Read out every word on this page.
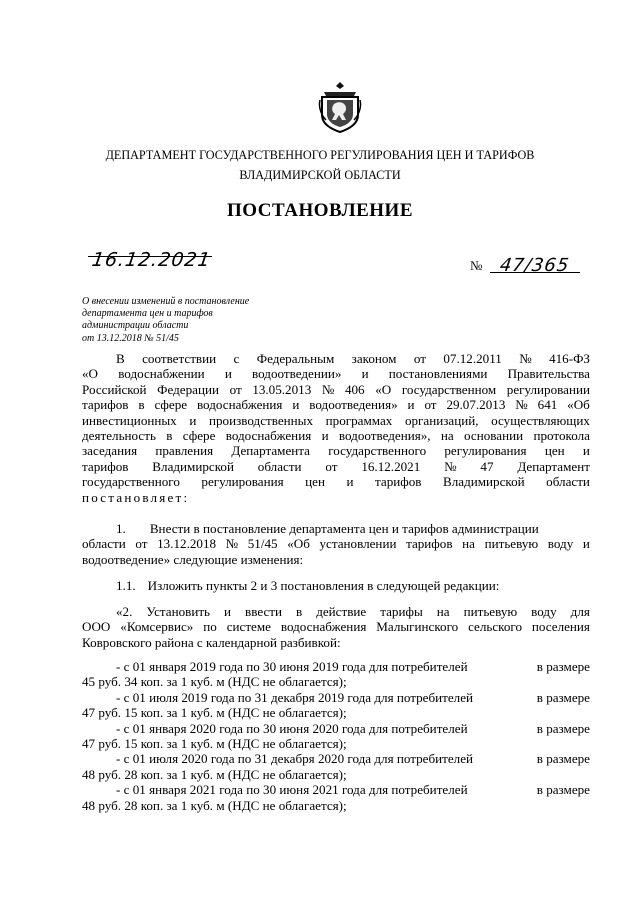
ДЕПАРТАМЕНТ ГОСУДАРСТВЕННОГО РЕГУЛИРОВАНИЯ ЦЕН И ТАРИФОВ
ВЛАДИМИРСКОЙ ОБЛАСТИ
ПОСТАНОВЛЕНИЕ
16.12.2021	№ 47/365
О внесении изменений в постановление
департамента цен и тарифов
администрации области
от 13.12.2018 № 51/45
В соответствии с Федеральным законом от 07.12.2011 № 416-ФЗ
«О водоснабжении и водоотведении» и постановлениями Правительства
Российской Федерации от 13.05.2013 № 406 «О государственном регулировании
тарифов в сфере водоснабжения и водоотведения» и от 29.07.2013 № 641 «Об
инвестиционных и производственных программах организаций, осуществляющих
деятельность в сфере водоснабжения и водоотведения», на основании протокола
заседания правления Департамента государственного регулирования цен и
тарифов Владимирской области от 16.12.2021 № 47 Департамент
государственного регулирования цен и тарифов Владимирской области
постановляет:
1. Внести в постановление департамента цен и тарифов администрации
области от 13.12.2018 № 51/45 «Об установлении тарифов на питьевую воду и
водоотведение» следующие изменения:
1.1. Изложить пункты 2 и 3 постановления в следующей редакции:
«2. Установить и ввести в действие тарифы на питьевую воду для
ООО «Комсервис» по системе водоснабжения Малыгинского сельского поселения
Ковровского района с календарной разбивкой:
- с 01 января 2019 года по 30 июня 2019 года для потребителей	в размере
45 руб. 34 коп. за 1 куб. м (НДС не облагается);
- с 01 июля 2019 года по 31 декабря 2019 года для потребителей	в размере
47 руб. 15 коп. за 1 куб. м (НДС не облагается);
- с 01 января 2020 года по 30 июня 2020 года для потребителей	в размере
47 руб. 15 коп. за 1 куб. м (НДС не облагается);
- с 01 июля 2020 года по 31 декабря 2020 года для потребителей	в размере
48 руб. 28 коп. за 1 куб. м (НДС не облагается);
- с 01 января 2021 года по 30 июня 2021 года для потребителей	в размере
48 руб. 28 коп. за 1 куб. м (НДС не облагается);
